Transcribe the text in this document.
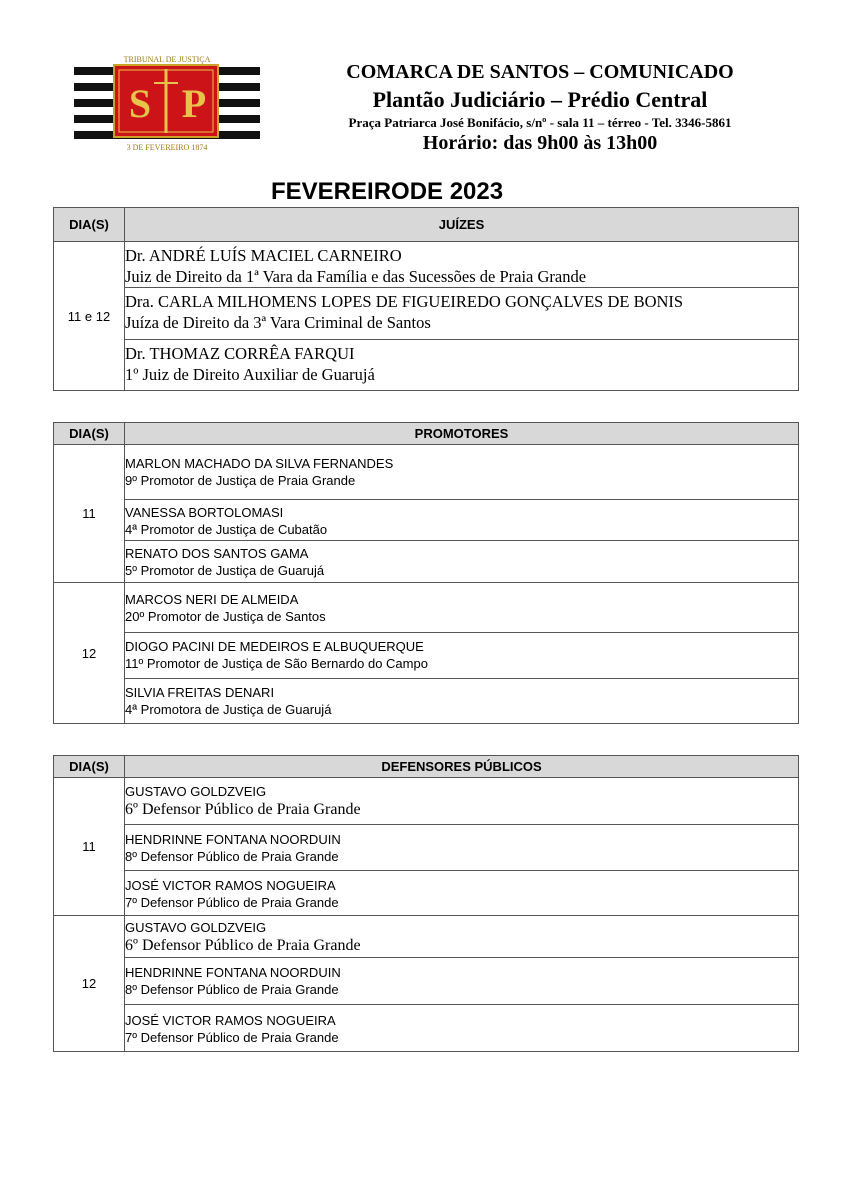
TRIBUNAL DE JUSTIÇA
3 DE FEVEREIRO 1874
S P
COMARCA DE SANTOS – COMUNICADO
Plantão Judiciário – Prédio Central
Praça Patriarca José Bonifácio, s/nº - sala 11 – térreo - Tel. 3346-5861
Horário: das 9h00 às 13h00
FEVEREIRODE 2023
DIA(S)	JUÍZES
11 e 12	Dr. ANDRÉ LUÍS MACIEL CARNEIRO
Juiz de Direito da 1ª Vara da Família e das Sucessões de Praia Grande

	Dra. CARLA MILHOMENS LOPES DE FIGUEIREDO GONÇALVES DE BONIS
Juíza de Direito da 3ª Vara Criminal de Santos

	Dr. THOMAZ CORRÊA FARQUI
1º Juiz de Direito Auxiliar de Guarujá
DIA(S)	PROMOTORES
11	MARLON MACHADO DA SILVA FERNANDES
9º Promotor de Justiça de Praia Grande

	VANESSA BORTOLOMASI
4ª Promotor de Justiça de Cubatão

	RENATO DOS SANTOS GAMA
5º Promotor de Justiça de Guarujá

12	MARCOS NERI DE ALMEIDA
20º Promotor de Justiça de Santos

	DIOGO PACINI DE MEDEIROS E ALBUQUERQUE
11º Promotor de Justiça de São Bernardo do Campo

	SILVIA FREITAS DENARI
4ª Promotora de Justiça de Guarujá
DIA(S)	DEFENSORES PÚBLICOS
11	GUSTAVO GOLDZVEIG
6º Defensor Público de Praia Grande

	HENDRINNE FONTANA NOORDUIN
8º Defensor Público de Praia Grande

	JOSÉ VICTOR RAMOS NOGUEIRA
7º Defensor Público de Praia Grande

12	GUSTAVO GOLDZVEIG
6º Defensor Público de Praia Grande

	HENDRINNE FONTANA NOORDUIN
8º Defensor Público de Praia Grande

	JOSÉ VICTOR RAMOS NOGUEIRA
7º Defensor Público de Praia Grande
